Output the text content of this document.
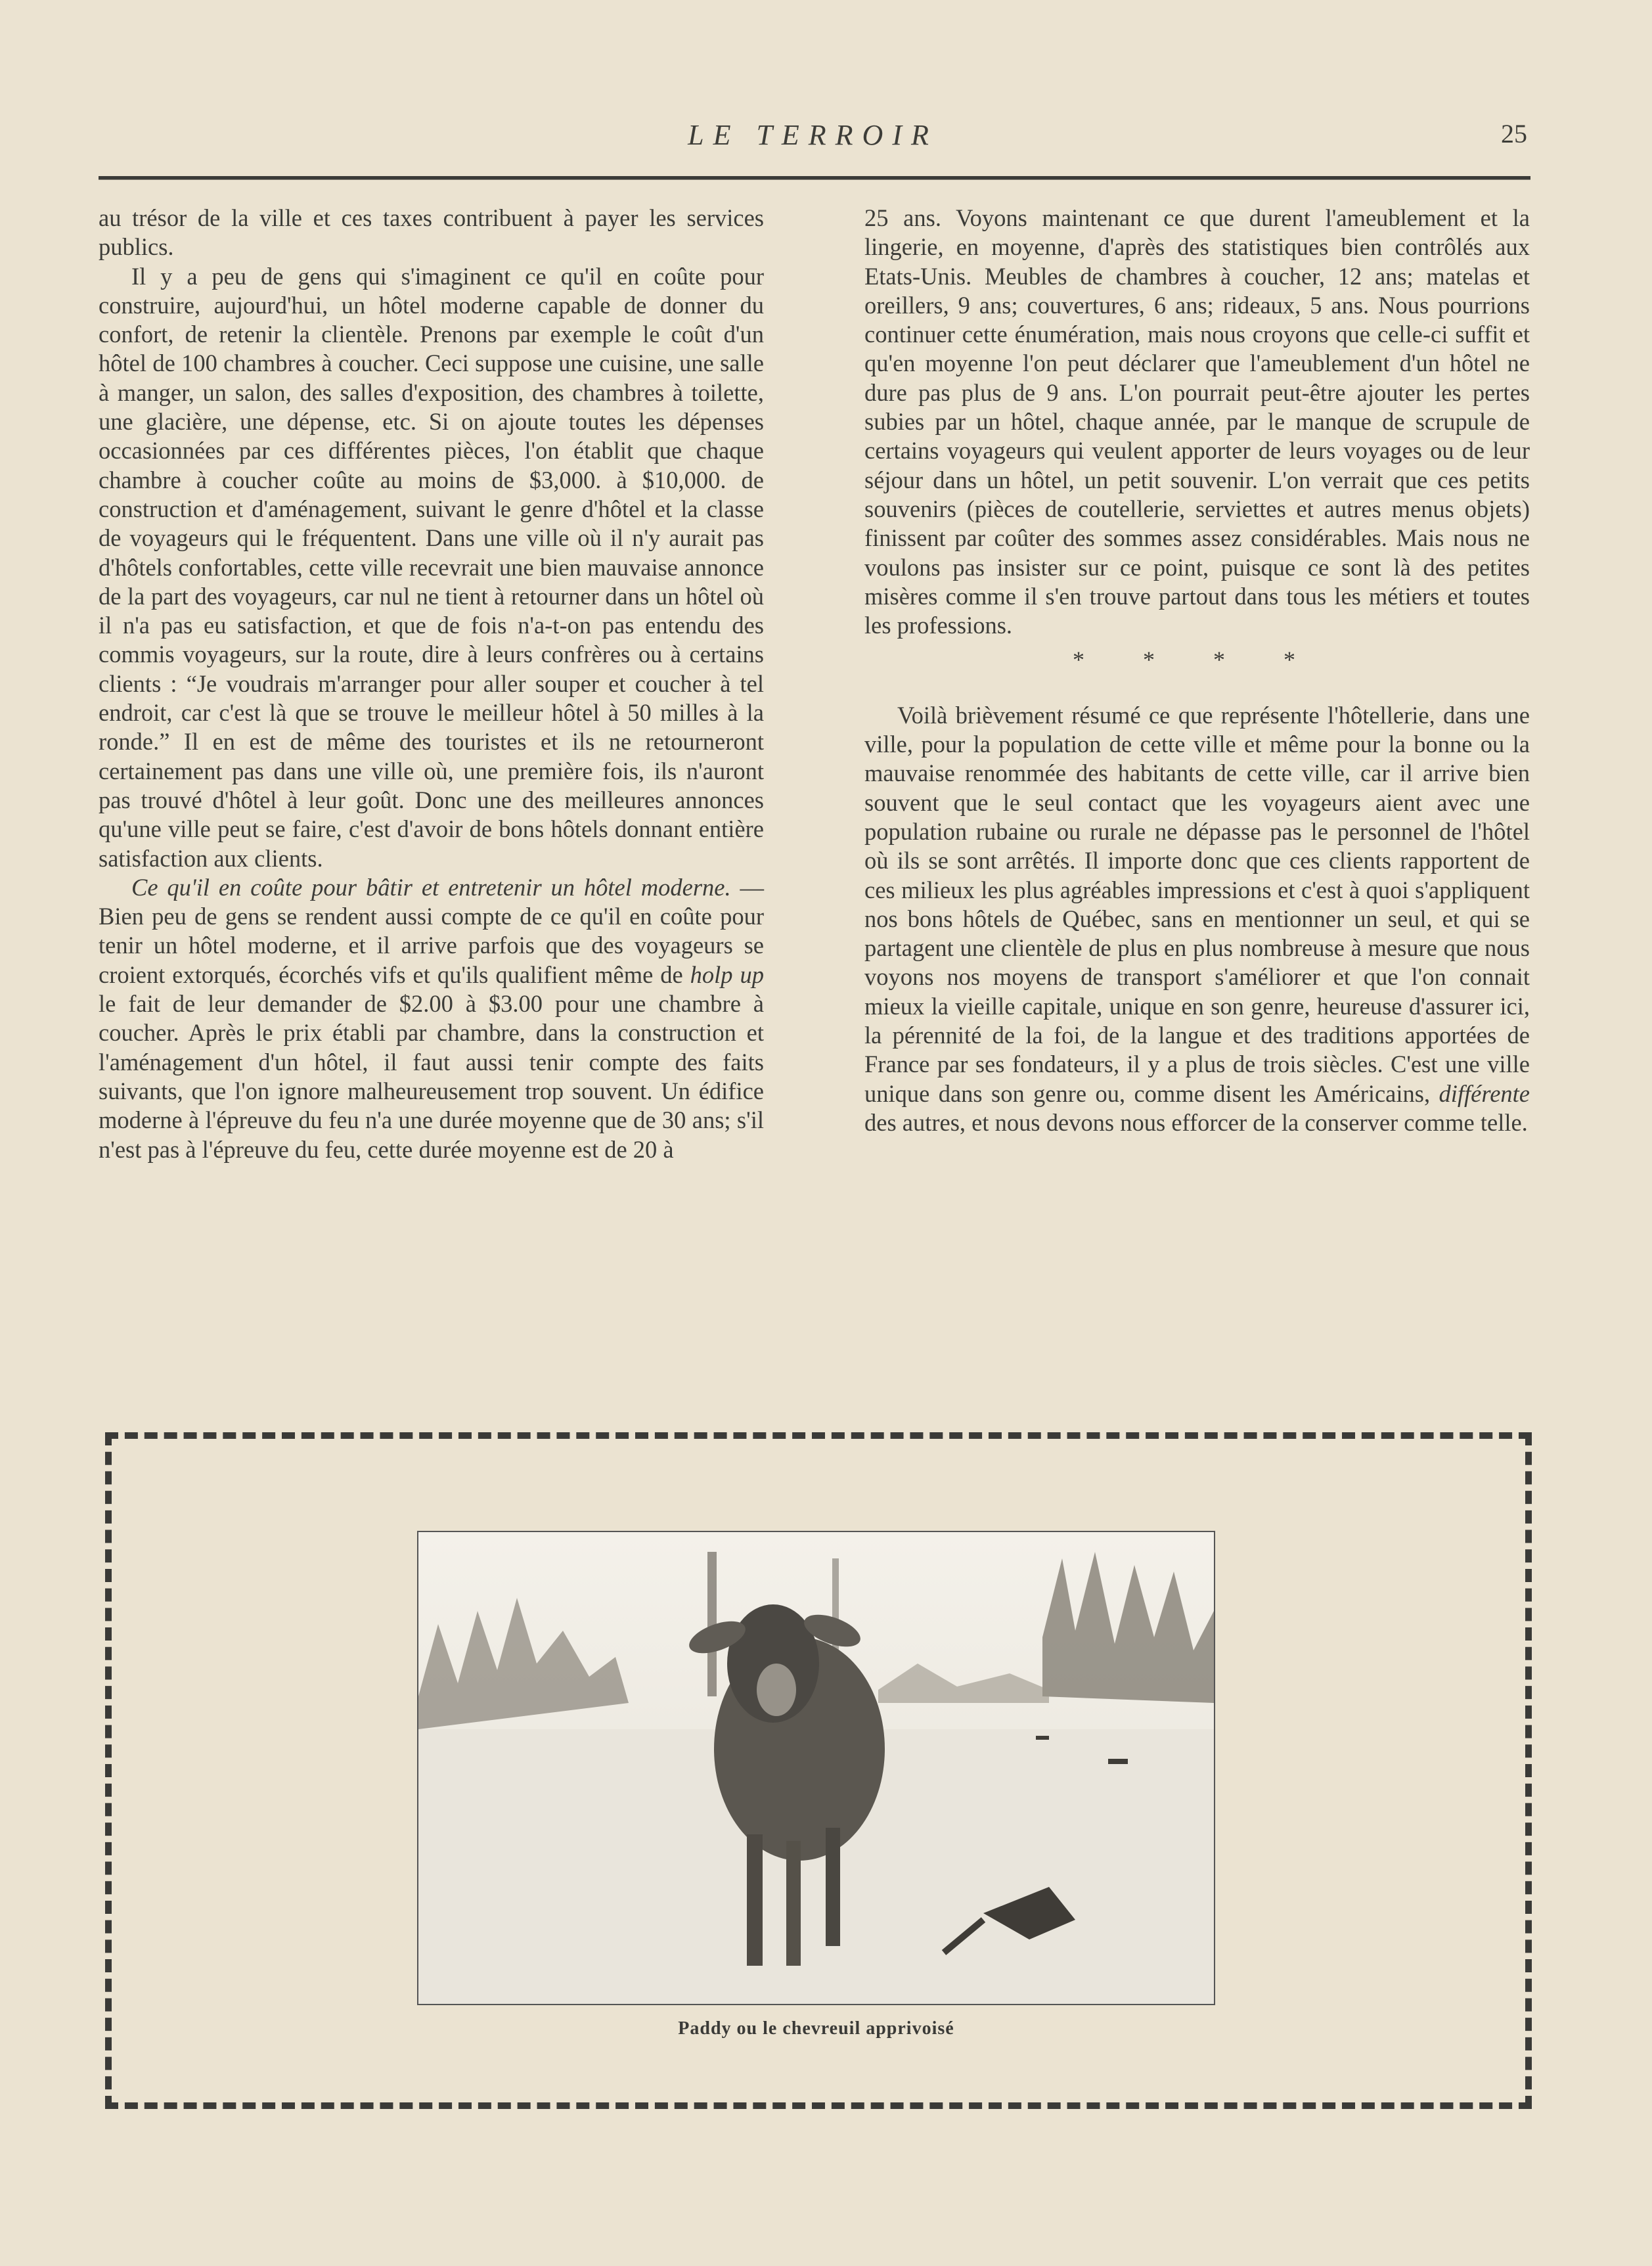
LE TERROIR	25

au trésor de la ville et ces taxes contribuent à payer les services publics.

Il y a peu de gens qui s'imaginent ce qu'il en coûte pour construire, aujourd'hui, un hôtel moderne capable de donner du confort, de retenir la clientèle. Prenons par exemple le coût d'un hôtel de 100 chambres à coucher. Ceci suppose une cuisine, une salle à manger, un salon, des salles d'exposition, des chambres à toilette, une glacière, une dépense, etc. Si on ajoute toutes les dépenses occasionnées par ces différentes pièces, l'on établit que chaque chambre à coucher coûte au moins de $3,000. à $10,000. de construction et d'aménagement, suivant le genre d'hôtel et la classe de voyageurs qui le fréquentent. Dans une ville où il n'y aurait pas d'hôtels confortables, cette ville recevrait une bien mauvaise annonce de la part des voyageurs, car nul ne tient à retourner dans un hôtel où il n'a pas eu satisfaction, et que de fois n'a-t-on pas entendu des commis voyageurs, sur la route, dire à leurs confrères ou à certains clients : “Je voudrais m'arranger pour aller souper et coucher à tel endroit, car c'est là que se trouve le meilleur hôtel à 50 milles à la ronde.” Il en est de même des touristes et ils ne retourneront certainement pas dans une ville où, une première fois, ils n'auront pas trouvé d'hôtel à leur goût. Donc une des meilleures annonces qu'une ville peut se faire, c'est d'avoir de bons hôtels donnant entière satisfaction aux clients.

Ce qu'il en coûte pour bâtir et entretenir un hôtel moderne. — Bien peu de gens se rendent aussi compte de ce qu'il en coûte pour tenir un hôtel moderne, et il arrive parfois que des voyageurs se croient extorqués, écorchés vifs et qu'ils qualifient même de holp up le fait de leur demander de $2.00 à $3.00 pour une chambre à coucher. Après le prix établi par chambre, dans la construction et l'aménagement d'un hôtel, il faut aussi tenir compte des faits suivants, que l'on ignore malheureusement trop souvent. Un édifice moderne à l'épreuve du feu n'a une durée moyenne que de 30 ans; s'il n'est pas à l'épreuve du feu, cette durée moyenne est de 20 à

25 ans. Voyons maintenant ce que durent l'ameublement et la lingerie, en moyenne, d'après des statistiques bien contrôlés aux Etats-Unis. Meubles de chambres à coucher, 12 ans; matelas et oreillers, 9 ans; couvertures, 6 ans; rideaux, 5 ans. Nous pourrions continuer cette énumération, mais nous croyons que celle-ci suffit et qu'en moyenne l'on peut déclarer que l'ameublement d'un hôtel ne dure pas plus de 9 ans. L'on pourrait peut-être ajouter les pertes subies par un hôtel, chaque année, par le manque de scrupule de certains voyageurs qui veulent apporter de leurs voyages ou de leur séjour dans un hôtel, un petit souvenir. L'on verrait que ces petits souvenirs (pièces de coutellerie, serviettes et autres menus objets) finissent par coûter des sommes assez considérables. Mais nous ne voulons pas insister sur ce point, puisque ce sont là des petites misères comme il s'en trouve partout dans tous les métiers et toutes les professions.

* * * *

Voilà brièvement résumé ce que représente l'hôtellerie, dans une ville, pour la population de cette ville et même pour la bonne ou la mauvaise renommée des habitants de cette ville, car il arrive bien souvent que le seul contact que les voyageurs aient avec une population rubaine ou rurale ne dépasse pas le personnel de l'hôtel où ils se sont arrêtés. Il importe donc que ces clients rapportent de ces milieux les plus agréables impressions et c'est à quoi s'appliquent nos bons hôtels de Québec, sans en mentionner un seul, et qui se partagent une clientèle de plus en plus nombreuse à mesure que nous voyons nos moyens de transport s'améliorer et que l'on connait mieux la vieille capitale, unique en son genre, heureuse d'assurer ici, la pérennité de la foi, de la langue et des traditions apportées de France par ses fondateurs, il y a plus de trois siècles. C'est une ville unique dans son genre ou, comme disent les Américains, différente des autres, et nous devons nous efforcer de la conserver comme telle.

Paddy ou le chevreuil apprivoisé
